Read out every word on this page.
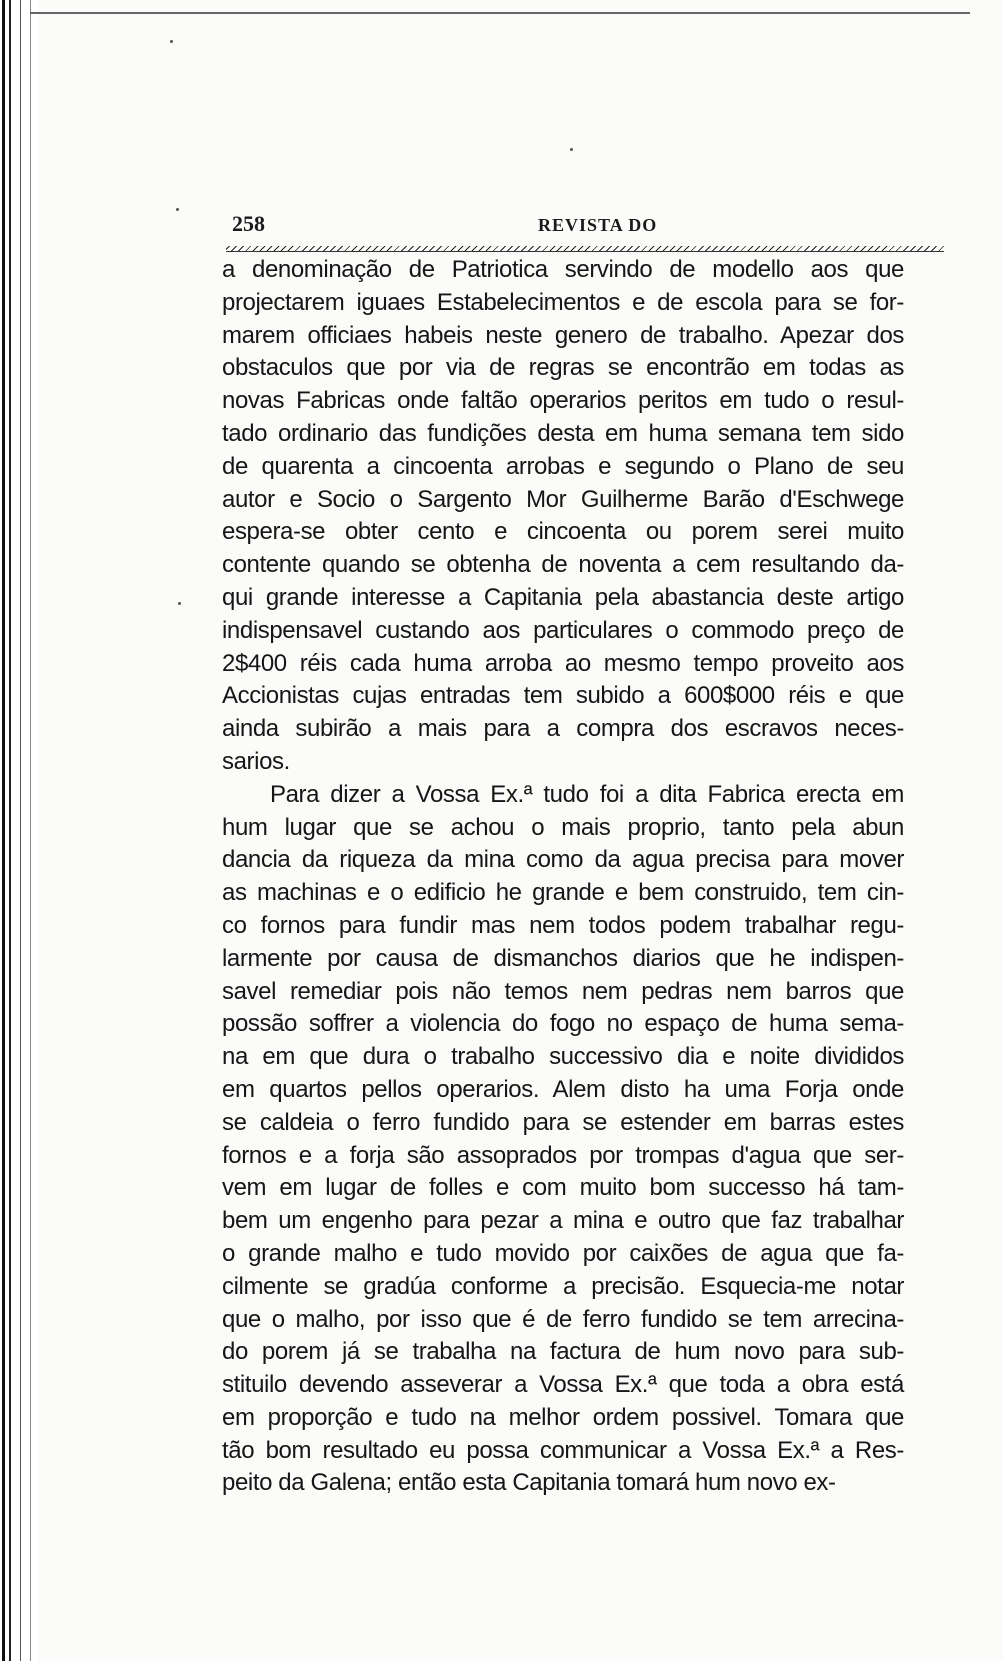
258	REVISTA DO
a denominação de Patriotica servindo de modello aos que
projectarem iguaes Estabelecimentos e de escola para se for-
marem officiaes habeis neste genero de trabalho. Apezar dos
obstaculos que por via de regras se encontrão em todas as
novas Fabricas onde faltão operarios peritos em tudo o resul-
tado ordinario das fundições desta em huma semana tem sido
de quarenta a cincoenta arrobas e segundo o Plano de seu
autor e Socio o Sargento Mor Guilherme Barão d'Eschwege
espera-se obter cento e cincoenta ou porem serei muito
contente quando se obtenha de noventa a cem resultando da-
qui grande interesse a Capitania pela abastancia deste artigo
indispensavel custando aos particulares o commodo preço de
2$400 réis cada huma arroba ao mesmo tempo proveito aos
Accionistas cujas entradas tem subido a 600$000 réis e que
ainda subirão a mais para a compra dos escravos neces-
sarios.
Para dizer a Vossa Ex.ª tudo foi a dita Fabrica erecta em
hum lugar que se achou o mais proprio, tanto pela abun
dancia da riqueza da mina como da agua precisa para mover
as machinas e o edificio he grande e bem construido, tem cin-
co fornos para fundir mas nem todos podem trabalhar regu-
larmente por causa de dismanchos diarios que he indispen-
savel remediar pois não temos nem pedras nem barros que
possão soffrer a violencia do fogo no espaço de huma sema-
na em que dura o trabalho successivo dia e noite divididos
em quartos pellos operarios. Alem disto ha uma Forja onde
se caldeia o ferro fundido para se estender em barras estes
fornos e a forja são assoprados por trompas d'agua que ser-
vem em lugar de folles e com muito bom successo há tam-
bem um engenho para pezar a mina e outro que faz trabalhar
o grande malho e tudo movido por caixões de agua que fa-
cilmente se gradúa conforme a precisão. Esquecia-me notar
que o malho, por isso que é de ferro fundido se tem arrecina-
do porem já se trabalha na factura de hum novo para sub-
stituilo devendo asseverar a Vossa Ex.ª que toda a obra está
em proporção e tudo na melhor ordem possivel. Tomara que
tão bom resultado eu possa communicar a Vossa Ex.ª a Res-
peito da Galena; então esta Capitania tomará hum novo ex-
